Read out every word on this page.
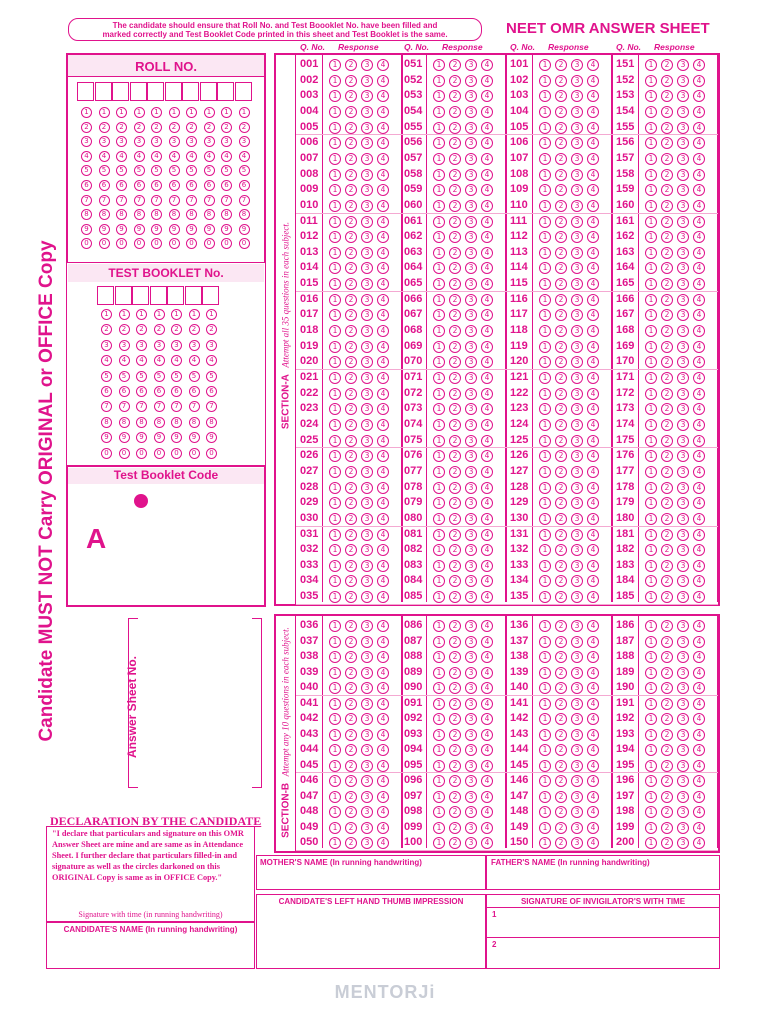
The candidate should ensure that Roll No. and Test Boooklet No. have been filled and
marked correctly and Test Booklet Code printed in this sheet and Test Booklet is the same.	NEET OMR ANSWER SHEET
Candidate MUST NOT Carry ORIGINAL or OFFICE Copy
ROLL NO.
1	1	1	1	1	1	1	1	1	1
2	2	2	2	2	2	2	2	2	2
3	3	3	3	3	3	3	3	3	3
4	4	4	4	4	4	4	4	4	4
5	5	5	5	5	5	5	5	5	5
6	6	6	6	6	6	6	6	6	6
7	7	7	7	7	7	7	7	7	7
8	8	8	8	8	8	8	8	8	8
9	9	9	9	9	9	9	9	9	9
0	0	0	0	0	0	0	0	0	0
TEST BOOKLET No.
1	1	1	1	1	1	1
2	2	2	2	2	2	2
3	3	3	3	3	3	3
4	4	4	4	4	4	4
5	5	5	5	5	5	5
6	6	6	6	6	6	6
7	7	7	7	7	7	7
8	8	8	8	8	8	8
9	9	9	9	9	9	9
0	0	0	0	0	0	0
Test Booklet Code
A
Answer Sheet No.
Q. No. Response	Q. No. Response	Q. No. Response	Q. No. Response
SECTION-A Attempt all 35 questions in each subject.
SECTION-B Attempt any 10 questions in each subject.
001	1	2	3	4
002	1	2	3	4
003	1	2	3	4
004	1	2	3	4
005	1	2	3	4
006	1	2	3	4
007	1	2	3	4
008	1	2	3	4
009	1	2	3	4
010	1	2	3	4
011	1	2	3	4
012	1	2	3	4
013	1	2	3	4
014	1	2	3	4
015	1	2	3	4
016	1	2	3	4
017	1	2	3	4
018	1	2	3	4
019	1	2	3	4
020	1	2	3	4
021	1	2	3	4
022	1	2	3	4
023	1	2	3	4
024	1	2	3	4
025	1	2	3	4
026	1	2	3	4
027	1	2	3	4
028	1	2	3	4
029	1	2	3	4
030	1	2	3	4
031	1	2	3	4
032	1	2	3	4
033	1	2	3	4
034	1	2	3	4
035	1	2	3	4
051	1	2	3	4
052	1	2	3	4
053	1	2	3	4
054	1	2	3	4
055	1	2	3	4
056	1	2	3	4
057	1	2	3	4
058	1	2	3	4
059	1	2	3	4
060	1	2	3	4
061	1	2	3	4
062	1	2	3	4
063	1	2	3	4
064	1	2	3	4
065	1	2	3	4
066	1	2	3	4
067	1	2	3	4
068	1	2	3	4
069	1	2	3	4
070	1	2	3	4
071	1	2	3	4
072	1	2	3	4
073	1	2	3	4
074	1	2	3	4
075	1	2	3	4
076	1	2	3	4
077	1	2	3	4
078	1	2	3	4
079	1	2	3	4
080	1	2	3	4
081	1	2	3	4
082	1	2	3	4
083	1	2	3	4
084	1	2	3	4
085	1	2	3	4
101	1	2	3	4
102	1	2	3	4
103	1	2	3	4
104	1	2	3	4
105	1	2	3	4
106	1	2	3	4
107	1	2	3	4
108	1	2	3	4
109	1	2	3	4
110	1	2	3	4
111	1	2	3	4
112	1	2	3	4
113	1	2	3	4
114	1	2	3	4
115	1	2	3	4
116	1	2	3	4
117	1	2	3	4
118	1	2	3	4
119	1	2	3	4
120	1	2	3	4
121	1	2	3	4
122	1	2	3	4
123	1	2	3	4
124	1	2	3	4
125	1	2	3	4
126	1	2	3	4
127	1	2	3	4
128	1	2	3	4
129	1	2	3	4
130	1	2	3	4
131	1	2	3	4
132	1	2	3	4
133	1	2	3	4
134	1	2	3	4
135	1	2	3	4
151	1	2	3	4
152	1	2	3	4
153	1	2	3	4
154	1	2	3	4
155	1	2	3	4
156	1	2	3	4
157	1	2	3	4
158	1	2	3	4
159	1	2	3	4
160	1	2	3	4
161	1	2	3	4
162	1	2	3	4
163	1	2	3	4
164	1	2	3	4
165	1	2	3	4
166	1	2	3	4
167	1	2	3	4
168	1	2	3	4
169	1	2	3	4
170	1	2	3	4
171	1	2	3	4
172	1	2	3	4
173	1	2	3	4
174	1	2	3	4
175	1	2	3	4
176	1	2	3	4
177	1	2	3	4
178	1	2	3	4
179	1	2	3	4
180	1	2	3	4
181	1	2	3	4
182	1	2	3	4
183	1	2	3	4
184	1	2	3	4
185	1	2	3	4
036	1	2	3	4
037	1	2	3	4
038	1	2	3	4
039	1	2	3	4
040	1	2	3	4
041	1	2	3	4
042	1	2	3	4
043	1	2	3	4
044	1	2	3	4
045	1	2	3	4
046	1	2	3	4
047	1	2	3	4
048	1	2	3	4
049	1	2	3	4
050	1	2	3	4
086	1	2	3	4
087	1	2	3	4
088	1	2	3	4
089	1	2	3	4
090	1	2	3	4
091	1	2	3	4
092	1	2	3	4
093	1	2	3	4
094	1	2	3	4
095	1	2	3	4
096	1	2	3	4
097	1	2	3	4
098	1	2	3	4
099	1	2	3	4
100	1	2	3	4
136	1	2	3	4
137	1	2	3	4
138	1	2	3	4
139	1	2	3	4
140	1	2	3	4
141	1	2	3	4
142	1	2	3	4
143	1	2	3	4
144	1	2	3	4
145	1	2	3	4
146	1	2	3	4
147	1	2	3	4
148	1	2	3	4
149	1	2	3	4
150	1	2	3	4
186	1	2	3	4
187	1	2	3	4
188	1	2	3	4
189	1	2	3	4
190	1	2	3	4
191	1	2	3	4
192	1	2	3	4
193	1	2	3	4
194	1	2	3	4
195	1	2	3	4
196	1	2	3	4
197	1	2	3	4
198	1	2	3	4
199	1	2	3	4
200	1	2	3	4
DECLARATION BY THE CANDIDATE
"I declare that particulars and signature on this OMR
Answer Sheet are mine and are same as in Attendance
Sheet. I further declare that particulars filled-in and
signature as well as the circles darkoned on this
ORIGINAL Copy is same as in OFFICE Copy."
Signature with time (in running handwriting)
CANDIDATE'S NAME (In running handwriting)
MOTHER'S NAME (In running handwriting)	FATHER'S NAME (In running handwriting)
CANDIDATE'S LEFT HAND THUMB IMPRESSION	SIGNATURE OF INVIGILATOR'S WITH TIME
1
2
MENTORJi
